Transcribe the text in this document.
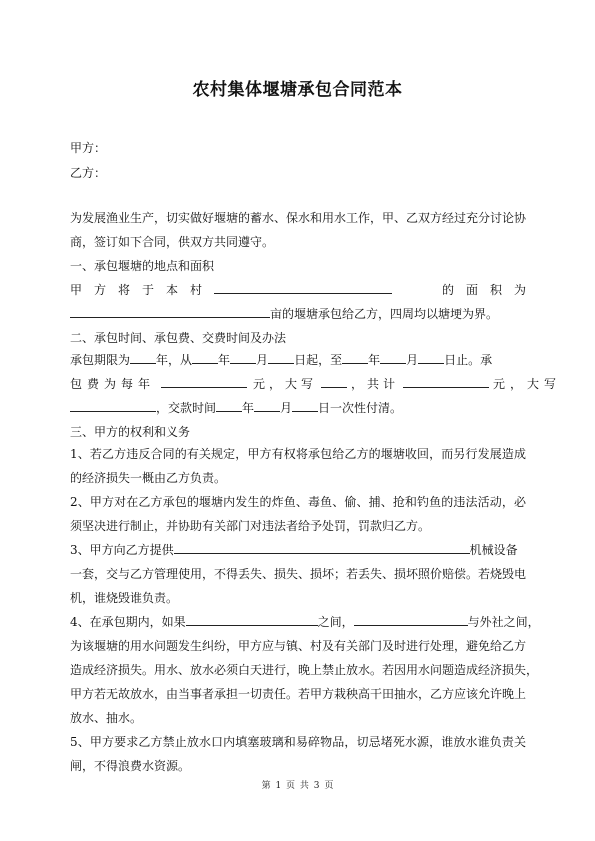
农村集体堰塘承包合同范本
甲方：
乙方：
为发展渔业生产，切实做好堰塘的蓄水、保水和用水工作，甲、乙双方经过充分讨论协
商，签订如下合同，供双方共同遵守。
一、承包堰塘的地点和面积
甲　方　将　于　本　村	的　面　积　为
亩的堰塘承包给乙方，四周均以塘埂为界。
二、承包时间、承包费、交费时间及办法
承包期限为 年，从 年 月 日起，至 年 月 日止。承
包费为每年	元，大写	，共计	元，大写
，交款时间 年 月 日一次性付清。
三、甲方的权利和义务
1、若乙方违反合同的有关规定，甲方有权将承包给乙方的堰塘收回，而另行发展造成
的经济损失一概由乙方负责。
2、甲方对在乙方承包的堰塘内发生的炸鱼、毒鱼、偷、捕、抢和钓鱼的违法活动，必
须坚决进行制止，并协助有关部门对违法者给予处罚，罚款归乙方。
3、甲方向乙方提供	机械设备
一套，交与乙方管理使用，不得丢失、损失、损坏；若丢失、损坏照价赔偿。若烧毁电
机，谁烧毁谁负责。
4、在承包期内，如果	之间，	与外社之间，
为该堰塘的用水问题发生纠纷，甲方应与镇、村及有关部门及时进行处理，避免给乙方
造成经济损失。用水、放水必须白天进行，晚上禁止放水。若因用水问题造成经济损失，
甲方若无故放水，由当事者承担一切责任。若甲方栽秧高干田抽水，乙方应该允许晚上
放水、抽水。
5、甲方要求乙方禁止放水口内填塞玻璃和易碎物品，切忌堵死水源，谁放水谁负责关
闸，不得浪费水资源。
第 1 页 共 3 页
